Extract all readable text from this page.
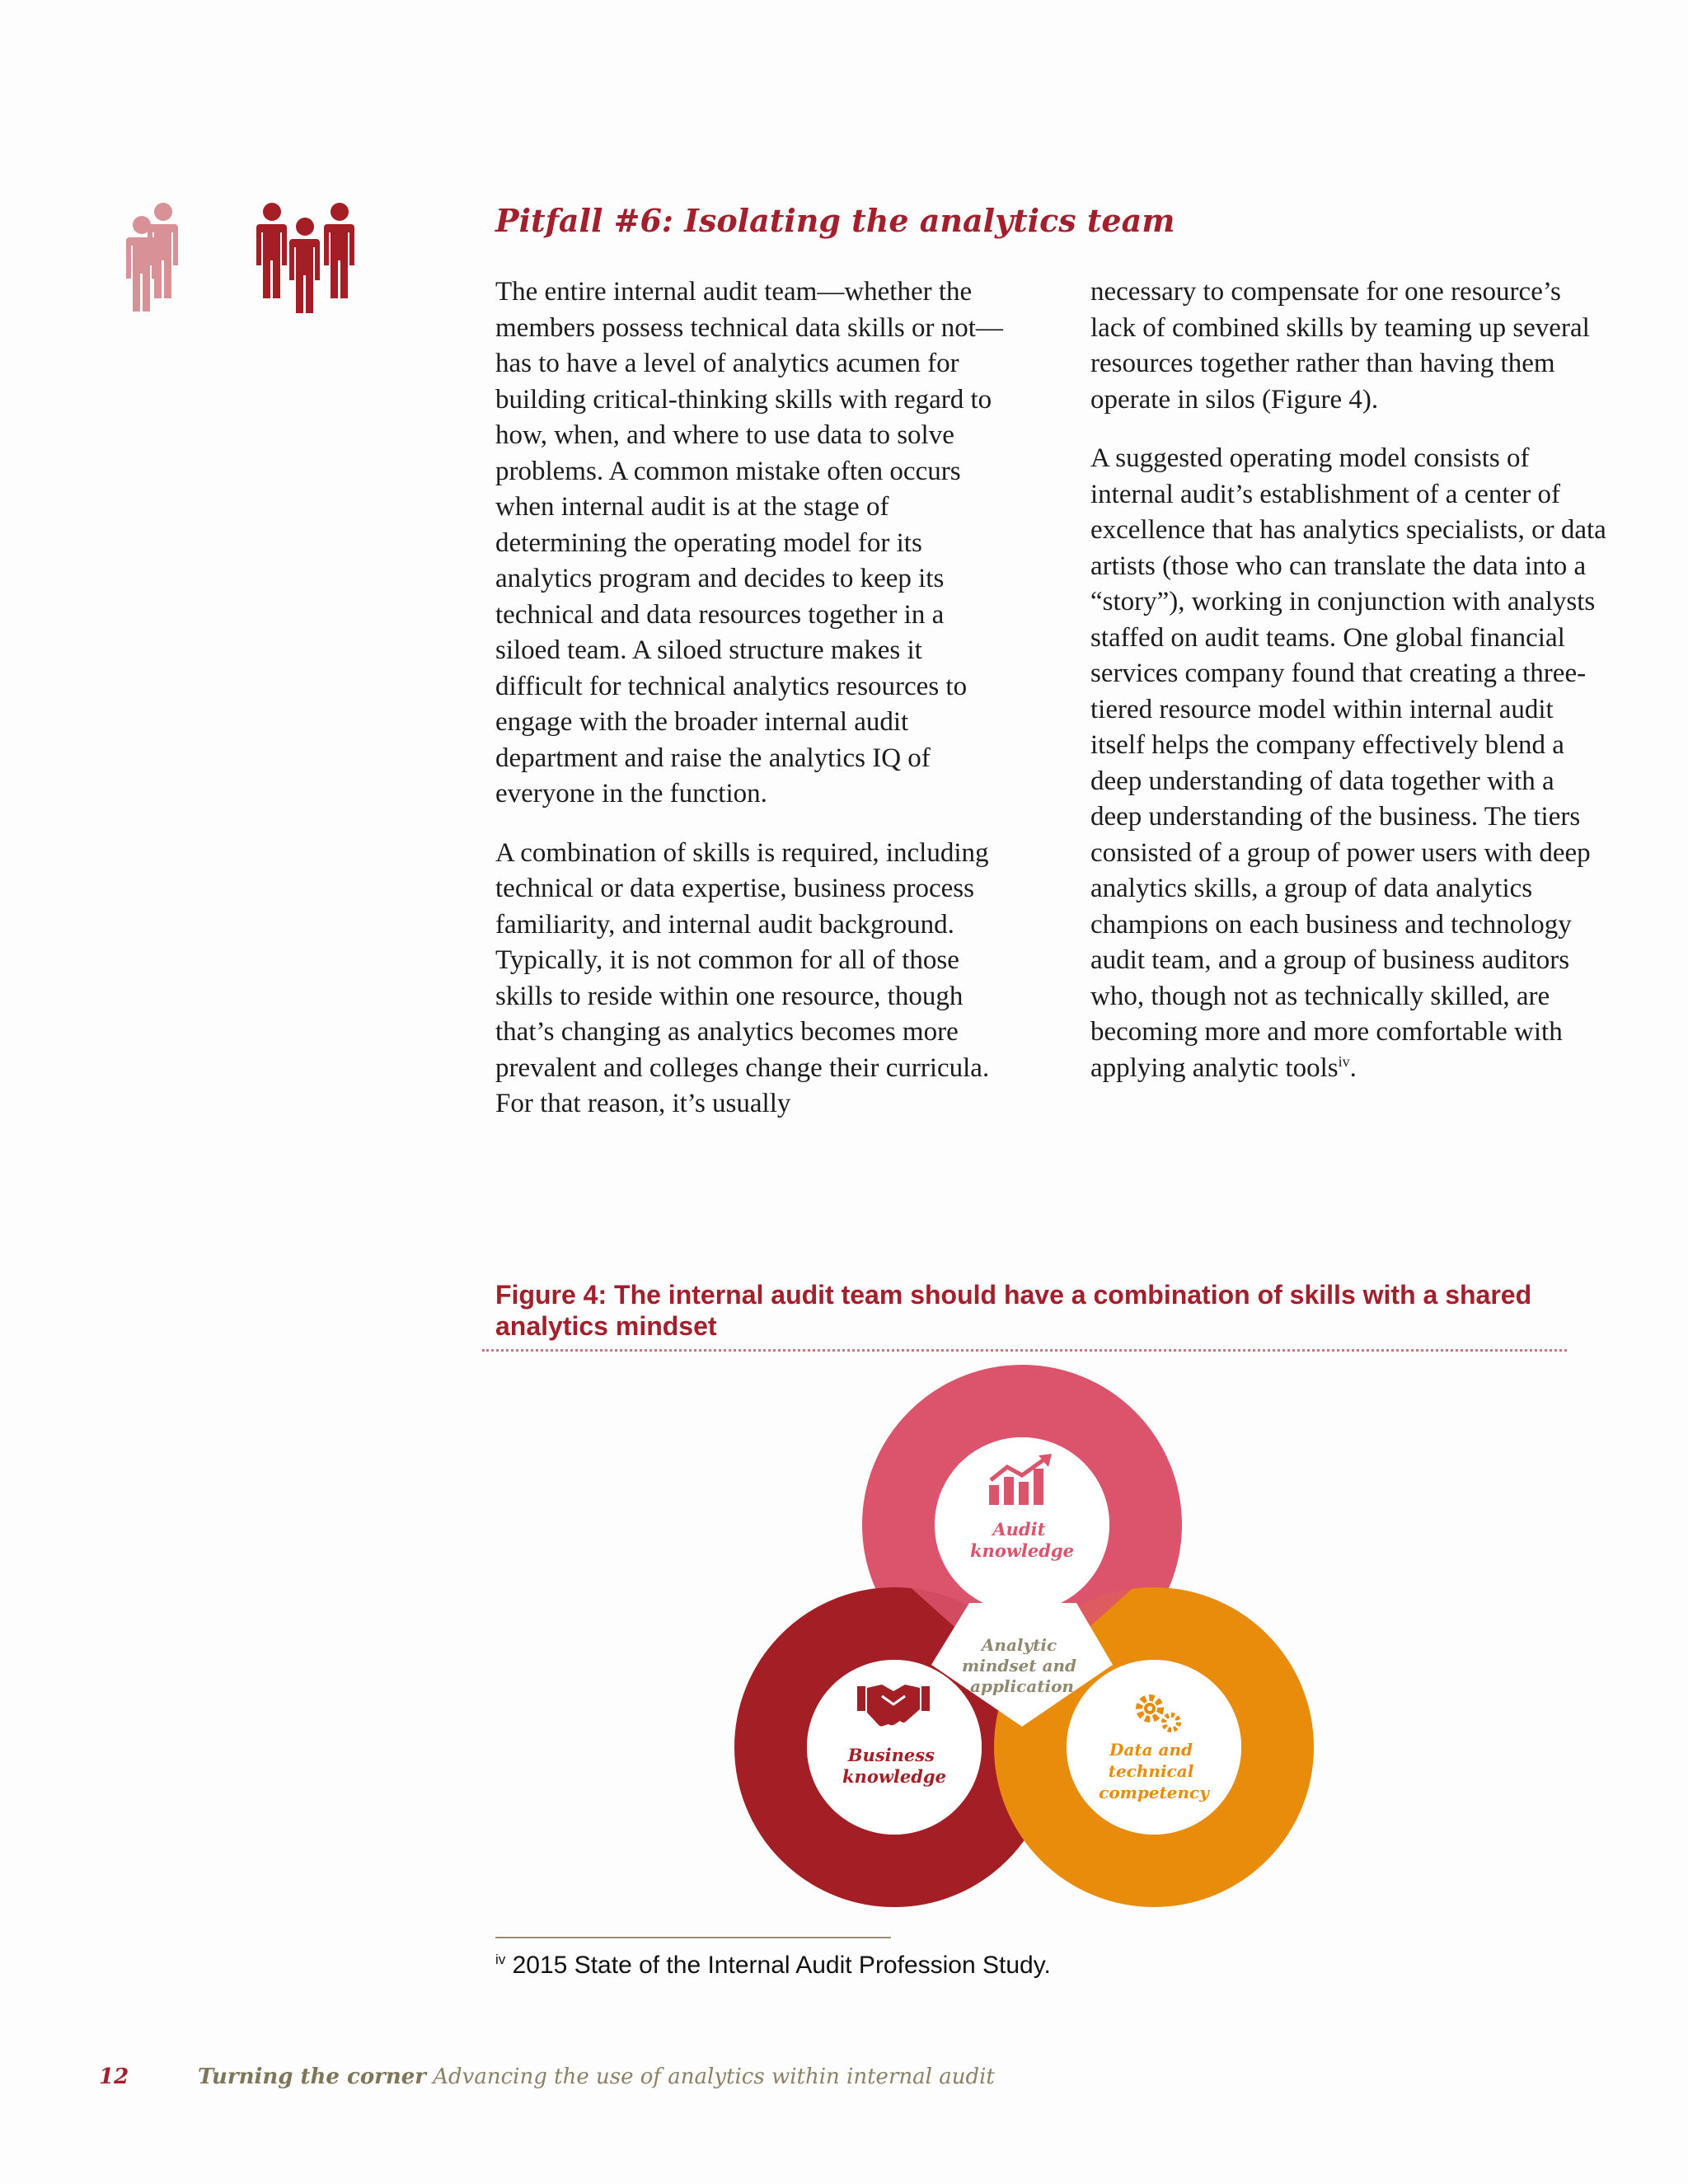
Pitfall #6: Isolating the analytics team

The entire internal audit team—whether the members possess technical data skills or not—has to have a level of analytics acumen for building critical-thinking skills with regard to how, when, and where to use data to solve problems. A common mistake often occurs when internal audit is at the stage of determining the operating model for its analytics program and decides to keep its technical and data resources together in a siloed team. A siloed structure makes it difficult for technical analytics resources to engage with the broader internal audit department and raise the analytics IQ of everyone in the function.

A combination of skills is required, including technical or data expertise, business process familiarity, and internal audit background. Typically, it is not common for all of those skills to reside within one resource, though that’s changing as analytics becomes more prevalent and colleges change their curricula. For that reason, it’s usually

necessary to compensate for one resource’s lack of combined skills by teaming up several resources together rather than having them operate in silos (Figure 4).

A suggested operating model consists of internal audit’s establishment of a center of excellence that has analytics specialists, or data artists (those who can translate the data into a “story”), working in conjunction with analysts staffed on audit teams. One global financial services company found that creating a three-tiered resource model within internal audit itself helps the company effectively blend a deep understanding of data together with a deep understanding of the business. The tiers consisted of a group of power users with deep analytics skills, a group of data analytics champions on each business and technology audit team, and a group of business auditors who, though not as technically skilled, are becoming more and more comfortable with applying analytic tools$^{iv}$.

Figure 4: The internal audit team should have a combination of skills with a shared analytics mindset
Audit knowledge
Business knowledge
Data and technical competency
Analytic mindset and application
$^{iv}$ 2015 State of the Internal Audit Profession Study.
12	Turning the corner Advancing the use of analytics within internal audit
